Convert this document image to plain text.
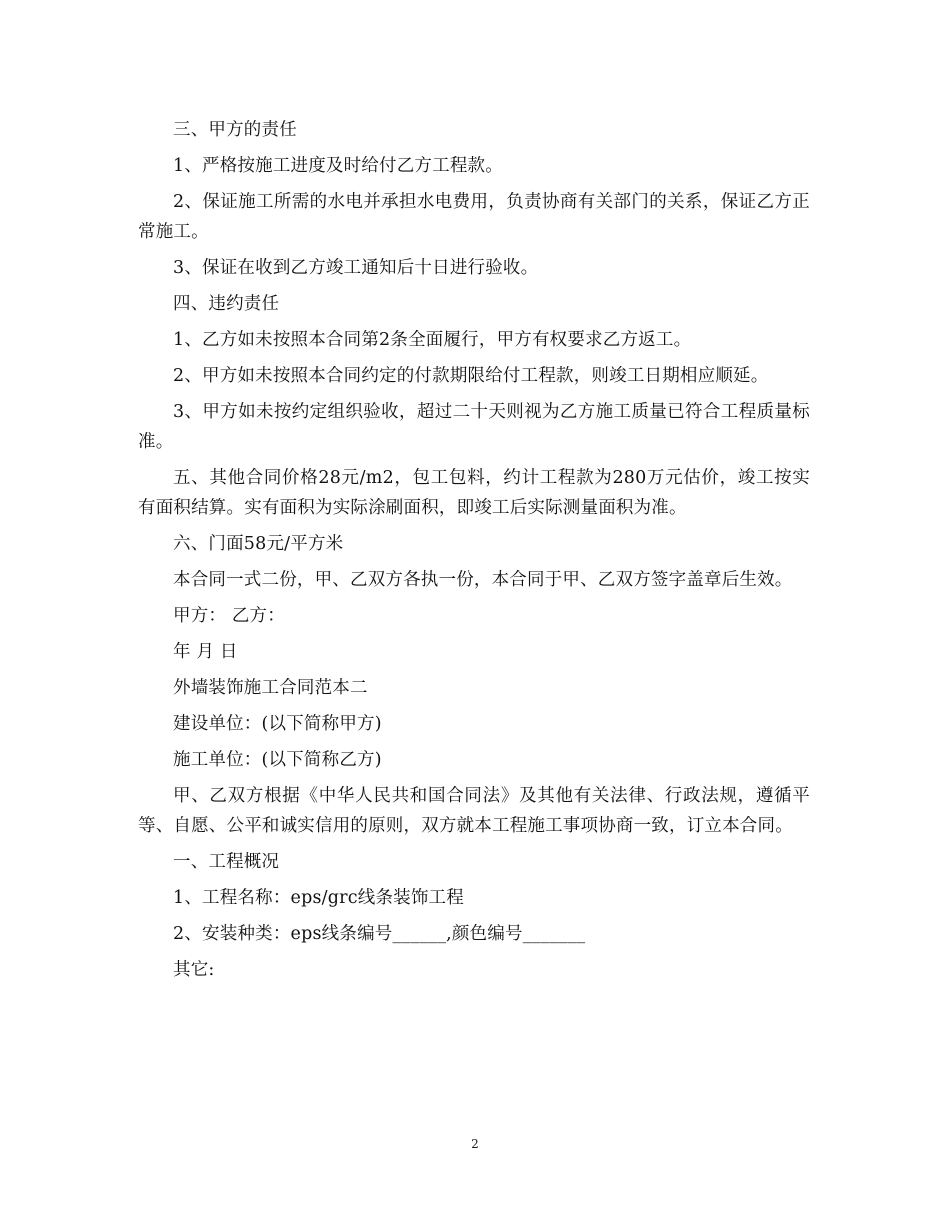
三、甲方的责任

1、严格按施工进度及时给付乙方工程款。

2、保证施工所需的水电并承担水电费用，负责协商有关部门的关系，保证乙方正常施工。

3、保证在收到乙方竣工通知后十日进行验收。

四、违约责任

1、乙方如未按照本合同第2条全面履行，甲方有权要求乙方返工。

2、甲方如未按照本合同约定的付款期限给付工程款，则竣工日期相应顺延。

3、甲方如未按约定组织验收，超过二十天则视为乙方施工质量已符合工程质量标准。

五、其他合同价格28元/m2，包工包料，约计工程款为280万元估价，竣工按实有面积结算。实有面积为实际涂刷面积，即竣工后实际测量面积为准。

六、门面58元/平方米

本合同一式二份，甲、乙双方各执一份，本合同于甲、乙双方签字盖章后生效。

甲方： 乙方：

年 月 日

外墙装饰施工合同范本二

建设单位：(以下简称甲方)

施工单位：(以下简称乙方)

甲、乙双方根据《中华人民共和国合同法》及其他有关法律、行政法规，遵循平等、自愿、公平和诚实信用的原则，双方就本工程施工事项协商一致，订立本合同。

一、工程概况

1、工程名称：eps/grc线条装饰工程

2、安装种类：eps线条编号______,颜色编号_______

其它:

2
